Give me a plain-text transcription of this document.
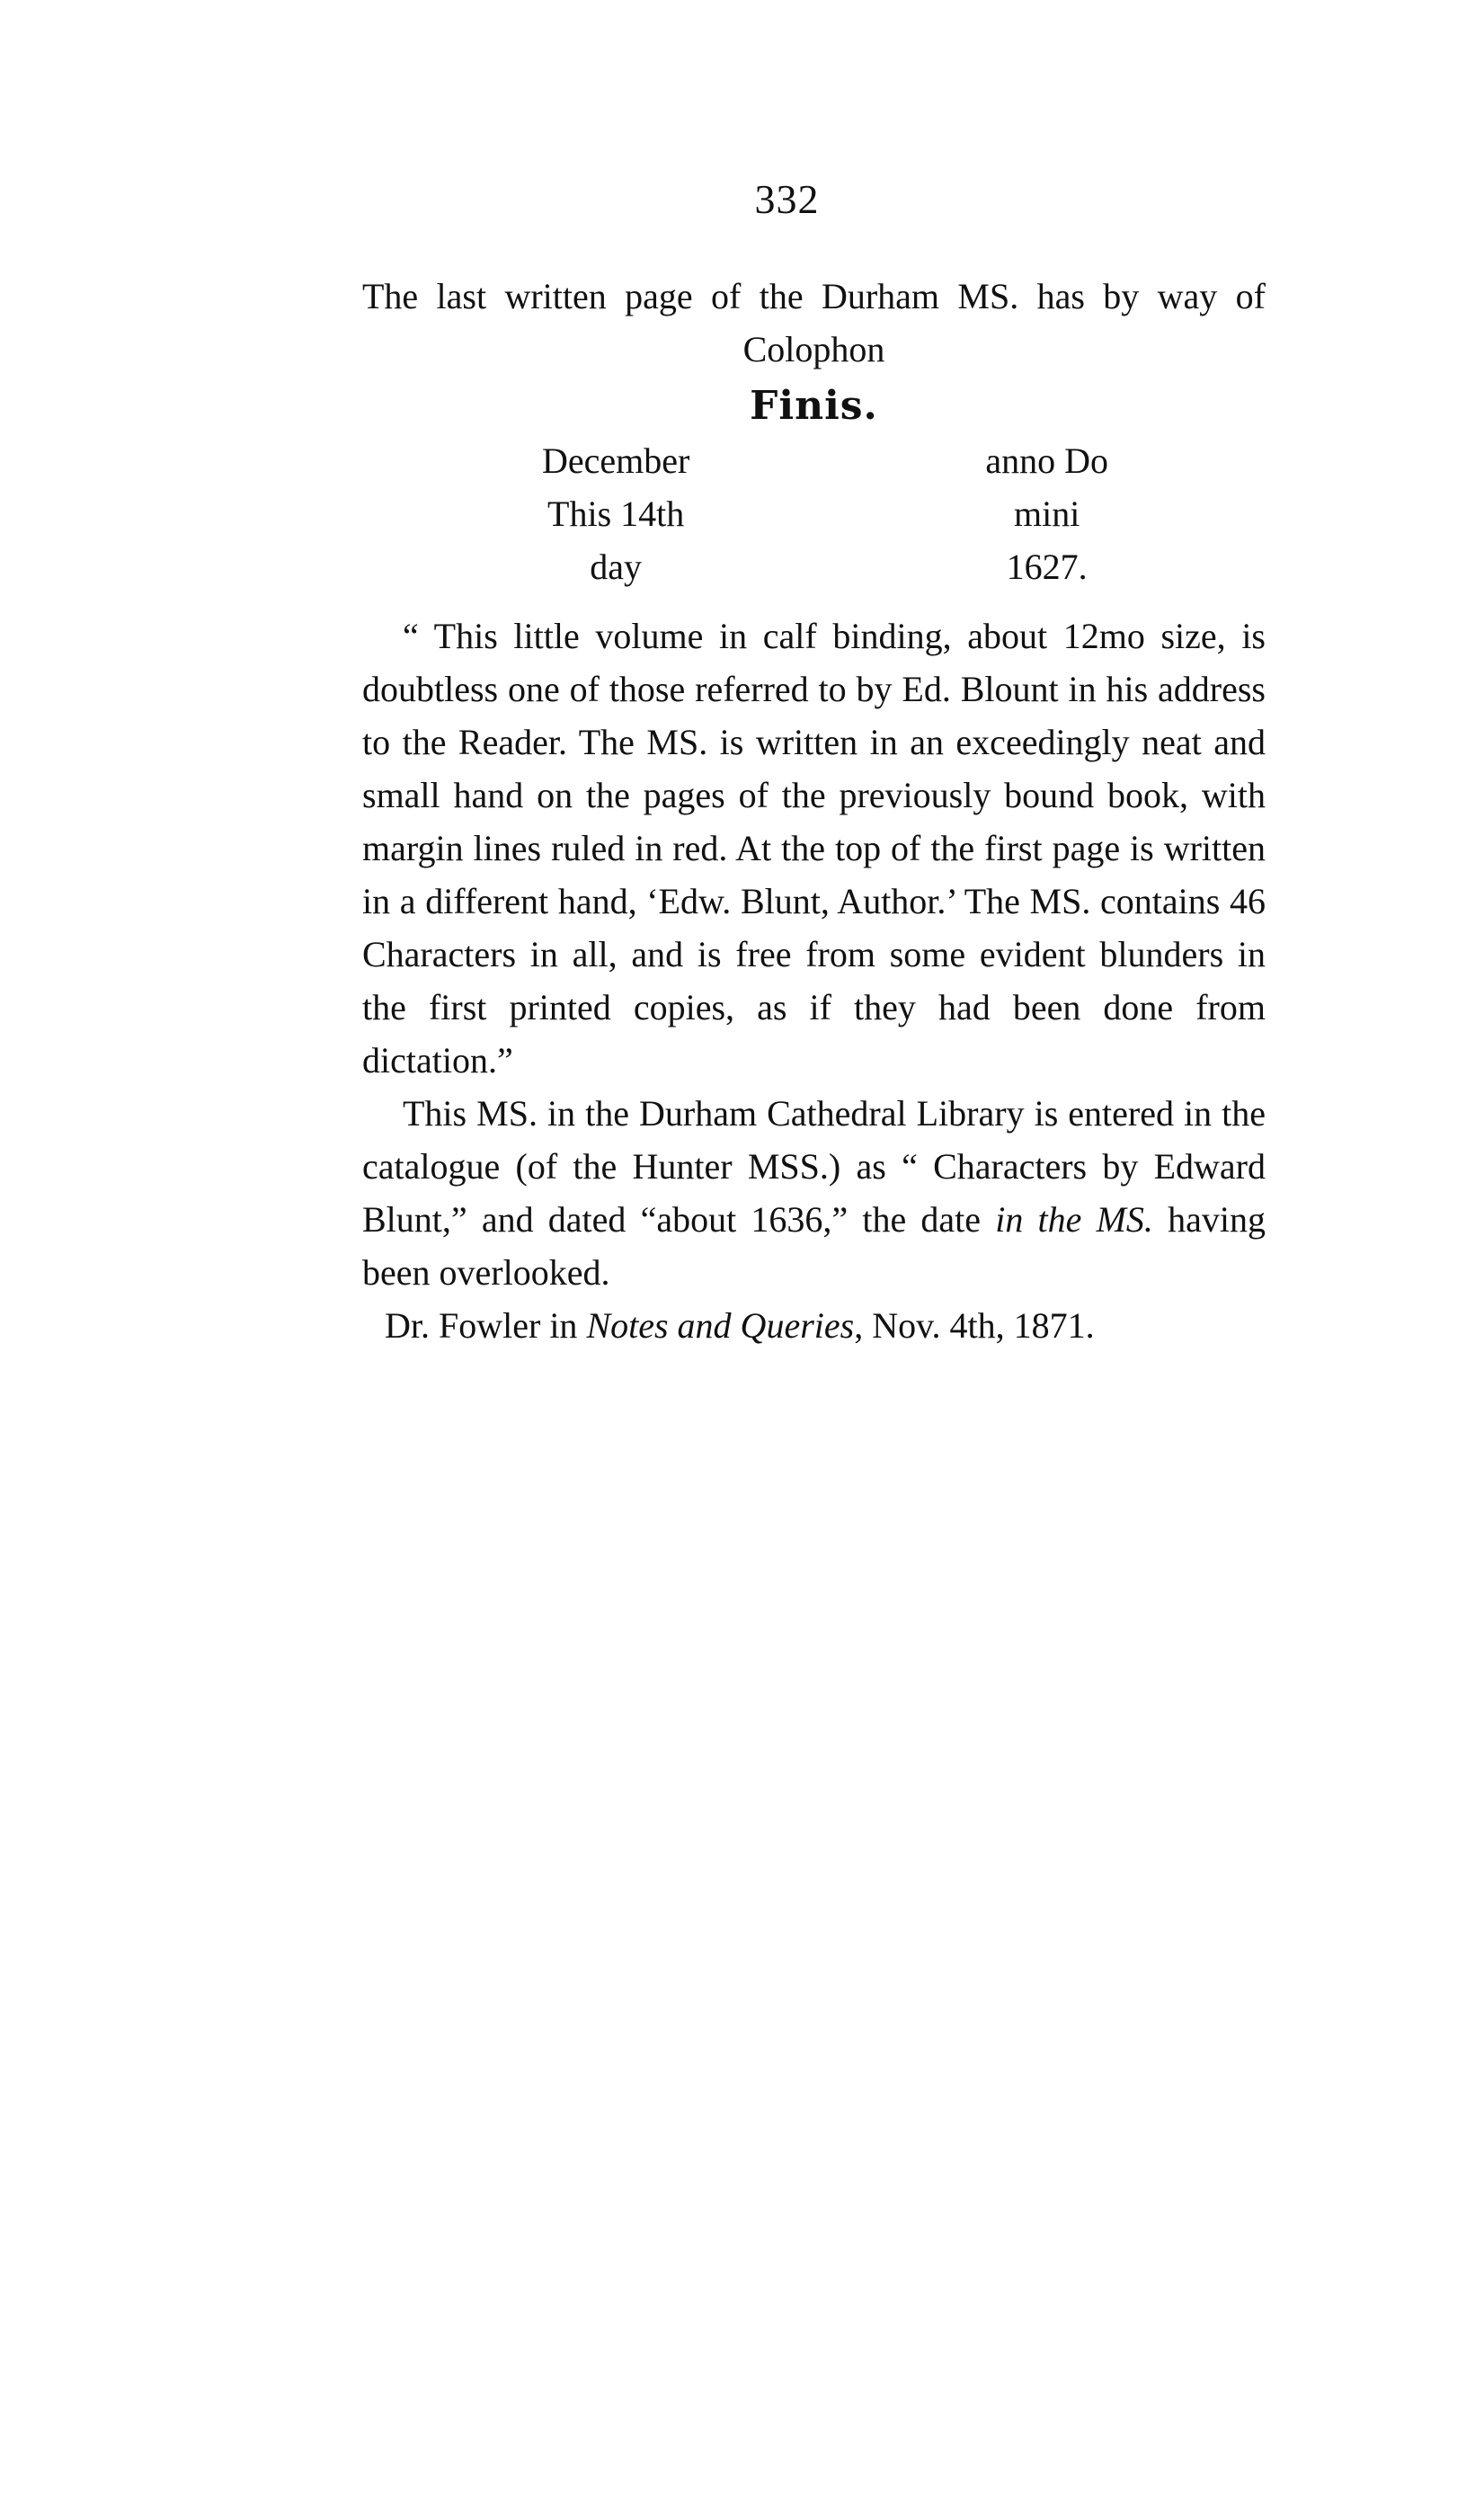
332

The last written page of the Durham MS. has by way of Colophon

Finis.
December
This 14th
day
anno Do
mini
1627.

“ This little volume in calf binding, about 12mo size, is doubtless one of those referred to by Ed. Blount in his address to the Reader. The MS. is written in an exceedingly neat and small hand on the pages of the previously bound book, with margin lines ruled in red. At the top of the first page is written in a different hand, ‘Edw. Blunt, Author.’ The MS. contains 46 Characters in all, and is free from some evident blunders in the first printed copies, as if they had been done from dictation.”

This MS. in the Durham Cathedral Library is entered in the catalogue (of the Hunter MSS.) as “ Characters by Edward Blunt,” and dated “about 1636,” the date in the MS. having been overlooked.

Dr. Fowler in Notes and Queries, Nov. 4th, 1871.
